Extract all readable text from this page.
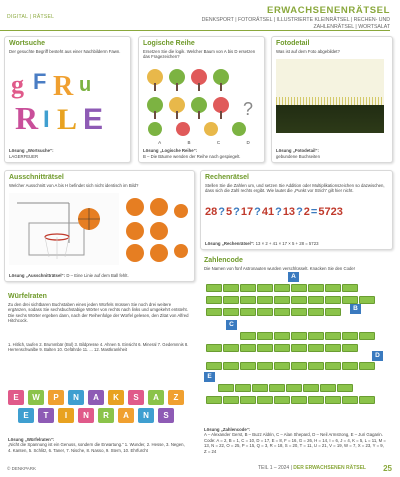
DIGITAL | RÄTSEL
ERWACHSENENRÄTSEL
DENKSPORT | FOTORÄTSEL | ILLUSTRIERTE KLEINRÄTSEL | RECHEN- UND ZAHLENRÄTSEL | WORTSALAT
Wortsuche
Der gesuchte Begriff besteht aus einer Nachbilderm Fawn.
g F R u
R I L E
Lösung „Wortsuche“:
LAGERFEUER
Logische Reihe
Ersetzen Sie die logik. Welcher Baum von A bis D ersetzen das Fragezeichen?
?
A	B	C	D
Lösung „Logische Reihe“:
B – Die Bäume wenden der Reihe nach gespiegelt.
Fotodetail
Was ist auf dem Foto abgebildet?
Lösung „Fotodetail“:
gebundene Buchseiten
Ausschnitträtsel
Welcher Ausschnitt von A bis H befindet sich nicht identisch im Bild?
Lösung „Ausschnitträtsel“: D – Eine Linie auf dem Ball fehlt.
Rechenrätsel
Stellen Sie die Zahlen um, und setzen Sie Addition oder Multiplikationszeichen so dazwischen, dass sich die Zahl rechts ergibt. Wie lautet die „Punkt vor Strich“ gilt hier nicht.
28?5?17?41?13?2=5723
Lösung „Rechenrätsel“: 13 × 2 + 41 × 17 × 5 + 28 = 5723
Zahlencode
Die Namen von fünf Astronauten wurden verschlüsselt. Knacken Sie den Code!
A
B
C
D
E
Lösung „Zahlencode“:
A – Alexander Gerst, B – Buzz Aldrin, C – Alan Shepard, D – Neil Armstrong, E – Juri Gagarin. Code: A = 2, B = 1, C = 10, D = 17, E = 8, F = 16, G = 26, H = 14, I = 6, J = 4, K = 5, L = 11, M = 13, N = 22, O = 25, P = 15, Q = 3, R = 18, S = 20, T = 11, U = 21, V = 19, W = 7, X = 23, Y = 9, Z = 24
Würfelraten
Zu den drei sichtbaren Buchstaben eines jeden Würfels müssen Sie noch drei weitere ergänzen, sodass Sie sechsbuchstabige Wörter von rechts nach links und umgekehrt entsteht. Die sechs Wörter ergeben dann, nach der Reihenfolge der Würfel gelesen, den Zitat von Alfred Hitchcock.
1. Hitlich, taufen 2. Brummbär (Bol) 3. Bildpresse 4. Ahnen 5. Einsicht 6. Mineral 7. Gedemnnis 8. Herrenschwalbe 9. Balten 10. Gefährde 11. ... 12. Mastkrankheit
E	W	P	N	A	K	S	A	Z
E	T	I	N	R	A	N	S
Lösung „Würfelraten“:
„Nicht die Spannung ist ein Genuss, sondern die Erwartung.“ 1. Wunder, 2. Hesse, 3. Negen, 4. Kanten, 5. Schlitz, 6. Taner, 7. Nische, 8. Nasso, 9. Stern, 10. Ehrfurcht
© DENKPARK	TEIL 1 – 2024 | DER ERWACHSENEN RÄTSEL 25
